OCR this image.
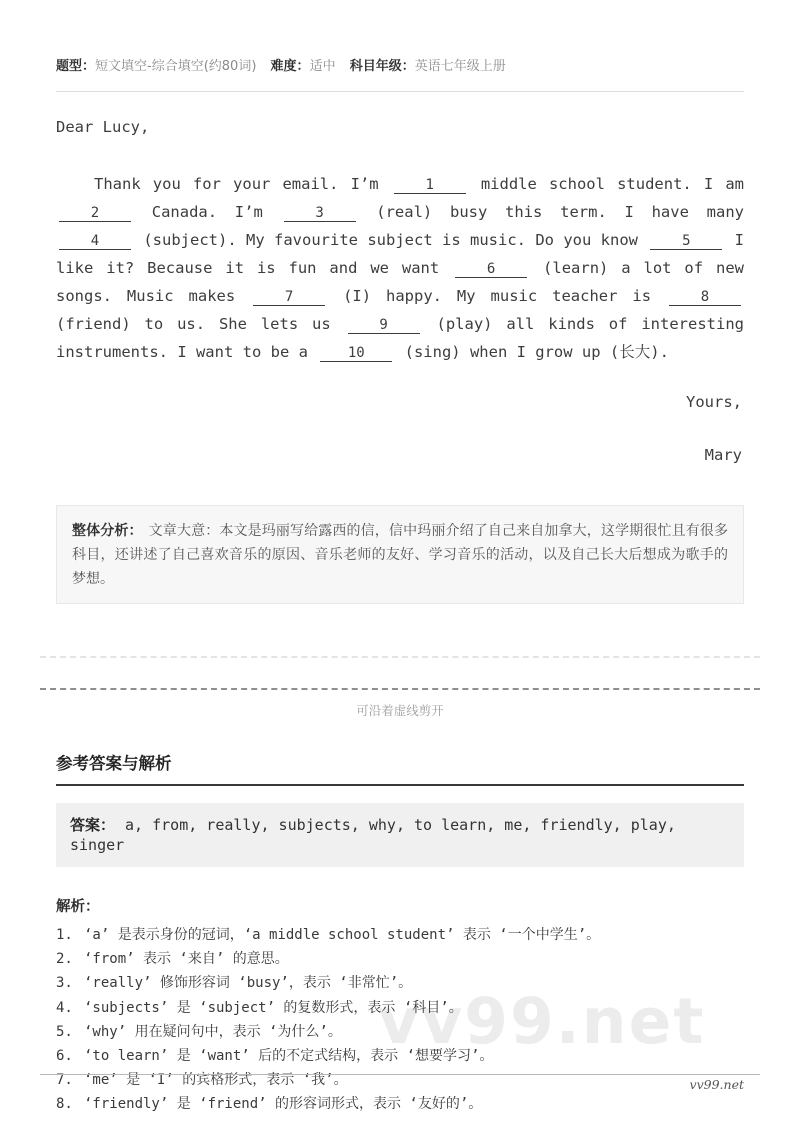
题型：短文填空-综合填空(约80词) 难度：适中 科目年级：英语七年级上册
Dear Lucy,

Thank you for your email. I’m 1 middle school student. I am 2 Canada. I’m 3 (real) busy this term. I have many 4 (subject). My favourite subject is music. Do you know 5 I like it? Because it is fun and we want 6 (learn) a lot of new songs. Music makes 7 (I) happy. My music teacher is 8 (friend) to us. She lets us 9 (play) all kinds of interesting instruments. I want to be a 10 (sing) when I grow up (长大).

Yours,
Mary
整体分析： 文章大意：本文是玛丽写给露西的信，信中玛丽介绍了自己来自加拿大，这学期很忙且有很多科目，还讲述了自己喜欢音乐的原因、音乐老师的友好、学习音乐的活动，以及自己长大后想成为歌手的梦想。
可沿着虚线剪开
参考答案与解析
答案： a, from, really, subjects, why, to learn, me, friendly, play, singer
解析：
1. ‘a’ 是表示身份的冠词，‘a middle school student’ 表示 ‘一个中学生’。
2. ‘from’ 表示 ‘来自’ 的意思。
3. ‘really’ 修饰形容词 ‘busy’，表示 ‘非常忙’。
4. ‘subjects’ 是 ‘subject’ 的复数形式，表示 ‘科目’。
5. ‘why’ 用在疑问句中，表示 ‘为什么’。
6. ‘to learn’ 是 ‘want’ 后的不定式结构，表示 ‘想要学习’。
7. ‘me’ 是 ‘I’ 的宾格形式，表示 ‘我’。
8. ‘friendly’ 是 ‘friend’ 的形容词形式，表示 ‘友好的’。
vv99.net
vv99.net
